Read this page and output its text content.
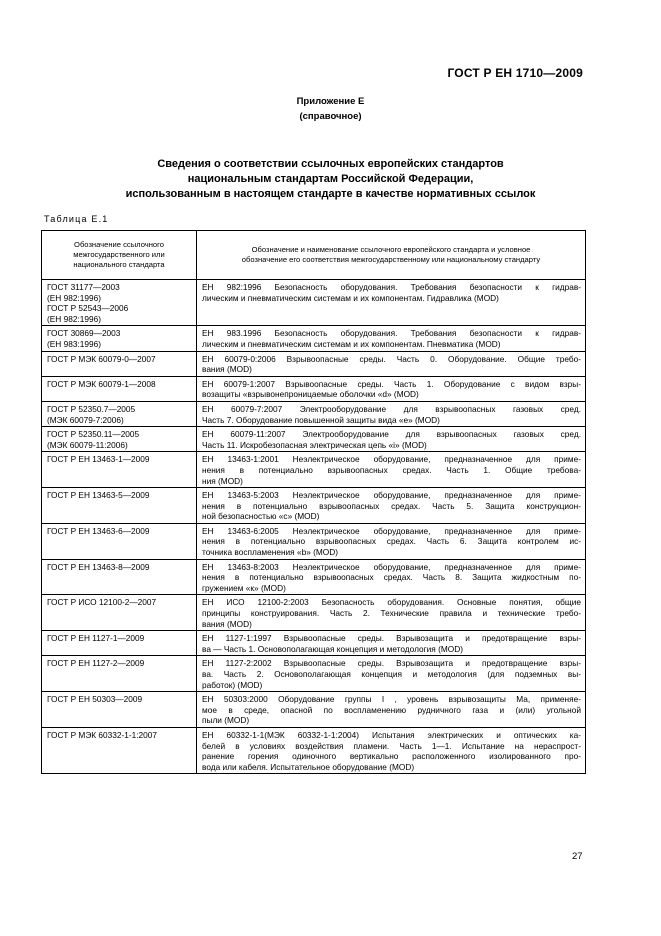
ГОСТ Р ЕН 1710—2009
Приложение Е
(справочное)
Сведения о соответствии ссылочных европейских стандартов
национальным стандартам Российской Федерации,
использованным в настоящем стандарте в качестве нормативных ссылок
Таблица Е.1
Обозначение ссылочного
межгосударственного или
национального стандарта	Обозначение и наименование ссылочного европейского стандарта и условное
обозначение его соответствия межгосударственному или национальному стандарту

ГОСТ 31177—2003
(ЕН 982:1996)
ГОСТ Р 52543—2006
(ЕН 982:1996)	ЕН 982:1996 Безопасность оборудования. Требования безопасности к гидрав-
лическим и пневматическим системам и их компонентам. Гидравлика (MOD)

ГОСТ 30869—2003
(ЕН 983:1996)	ЕН 983.1996 Безопасность оборудования. Требования безопасности к гидрав-
лическим и пневматическим системам и их компонентам. Пневматика (MOD)

ГОСТ Р МЭК 60079-0—2007	ЕН 60079-0:2006 Взрывоопасные среды. Часть 0. Оборудование. Общие требо-
вания (MOD)

ГОСТ Р МЭК 60079-1—2008	ЕН 60079-1:2007 Взрывоопасные среды. Часть 1. Оборудование с видом взры-
возащиты «взрывонепроницаемые оболочки «d» (MOD)

ГОСТ Р 52350.7—2005
(МЭК 60079-7:2006)	ЕН 60079-7:2007 Электрооборудование для взрывоопасных газовых сред.
Часть 7. Оборудование повышенной защиты вида «е» (MOD)

ГОСТ Р 52350.11—2005
(МЭК 60079-11:2006)	ЕН 60079-11:2007 Электрооборудование для взрывоопасных газовых сред.
Часть 11. Искробезопасная электрическая цепь «i» (MOD)

ГОСТ Р ЕН 13463-1—2009	ЕН 13463-1:2001 Неэлектрическое оборудование, предназначенное для приме-
нения в потенциально взрывоопасных средах. Часть 1. Общие требова-
ния (MOD)

ГОСТ Р ЕН 13463-5—2009	ЕН 13463-5:2003 Неэлектрическое оборудование, предназначенное для приме-
нения в потенциально взрывоопасных средах. Часть 5. Защита конструкцион-
ной безопасностью «с» (MOD)

ГОСТ Р ЕН 13463-6—2009	ЕН 13463-6:2005 Неэлектрическое оборудование, предназначенное для приме-
нения в потенциально взрывоопасных средах. Часть 6. Защита контролем ис-
точника воспламенения «b» (MOD)

ГОСТ Р ЕН 13463-8—2009	ЕН 13463-8:2003 Неэлектрическое оборудование, предназначенное для приме-
нения в потенциально взрывоопасных средах. Часть 8. Защита жидкостным по-
гружением «к» (MOD)

ГОСТ Р ИСО 12100-2—2007	ЕН ИСО 12100-2:2003 Безопасность оборудования. Основные понятия, общие
принципы конструирования. Часть 2. Технические правила и технические требо-
вания (MOD)

ГОСТ Р ЕН 1127-1—2009	ЕН 1127-1:1997 Взрывоопасные среды. Взрывозащита и предотвращение взры-
ва — Часть 1. Основополагающая концепция и методология (MOD)

ГОСТ Р ЕН 1127-2—2009	ЕН 1127-2:2002 Взрывоопасные среды. Взрывозащита и предотвращение взры-
ва. Часть 2. Основополагающая концепция и методология (для подземных вы-
работок) (MOD)

ГОСТ Р ЕН 50303—2009	ЕН 50303:2000 Оборудование группы I , уровень взрывозащиты Ма, применяе-
мое в среде, опасной по воспламенению рудничного газа и (или) угольной
пыли (MOD)

ГОСТ Р МЭК 60332-1-1:2007	ЕН 60332-1-1(МЭК 60332-1-1:2004) Испытания электрических и оптических ка-
белей в условиях воздействия пламени. Часть 1—1. Испытание на нераспрост-
ранение горения одиночного вертикально расположенного изолированного про-
вода или кабеля. Испытательное оборудование (MOD)
27
